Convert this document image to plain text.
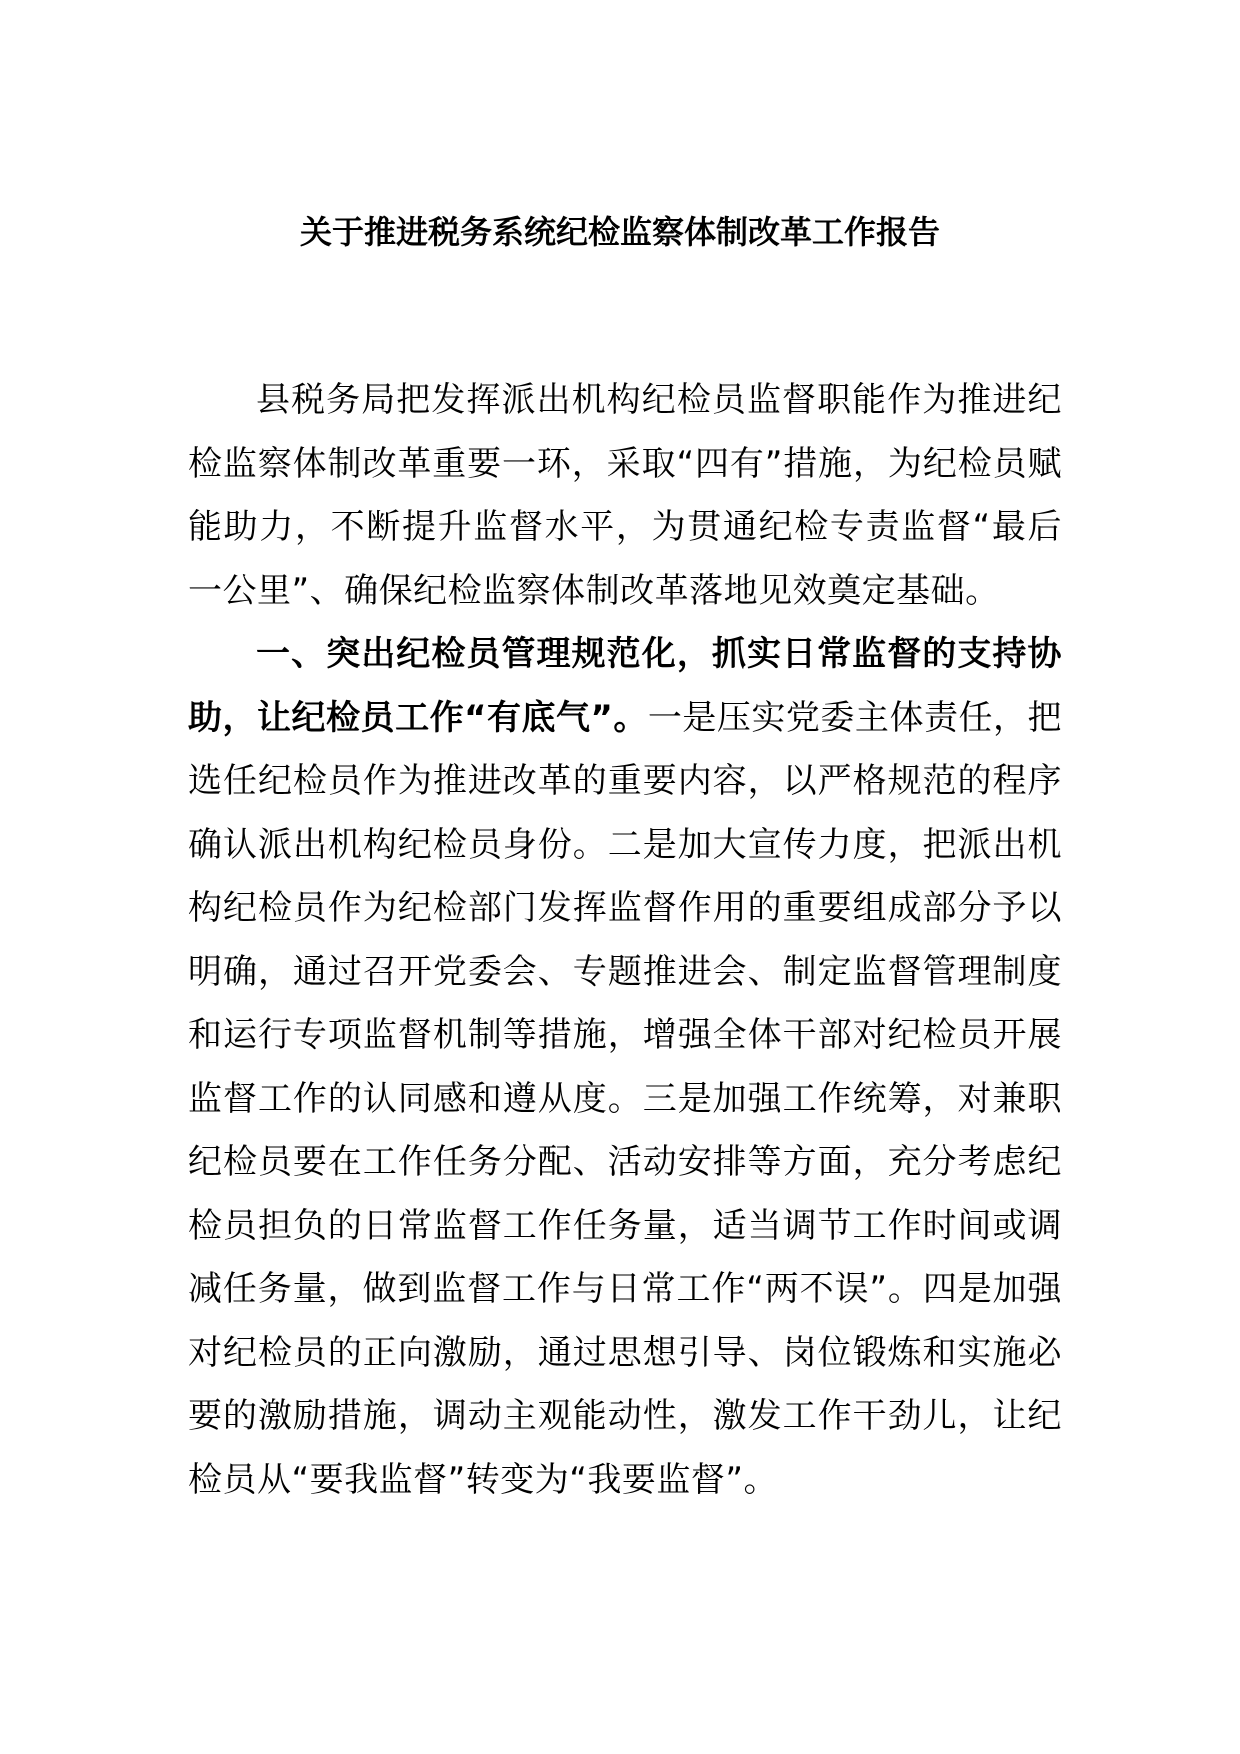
关于推进税务系统纪检监察体制改革工作报告

县税务局把发挥派出机构纪检员监督职能作为推进纪检监察体制改革重要一环，采取“四有”措施，为纪检员赋能助力，不断提升监督水平，为贯通纪检专责监督“最后一公里”、确保纪检监察体制改革落地见效奠定基础。

一、突出纪检员管理规范化，抓实日常监督的支持协助，让纪检员工作“有底气”。一是压实党委主体责任，把选任纪检员作为推进改革的重要内容，以严格规范的程序确认派出机构纪检员身份。二是加大宣传力度，把派出机构纪检员作为纪检部门发挥监督作用的重要组成部分予以明确，通过召开党委会、专题推进会、制定监督管理制度和运行专项监督机制等措施，增强全体干部对纪检员开展监督工作的认同感和遵从度。三是加强工作统筹，对兼职纪检员要在工作任务分配、活动安排等方面，充分考虑纪检员担负的日常监督工作任务量，适当调节工作时间或调减任务量，做到监督工作与日常工作“两不误”。四是加强对纪检员的正向激励，通过思想引导、岗位锻炼和实施必要的激励措施，调动主观能动性，激发工作干劲儿，让纪检员从“要我监督”转变为“我要监督”。
